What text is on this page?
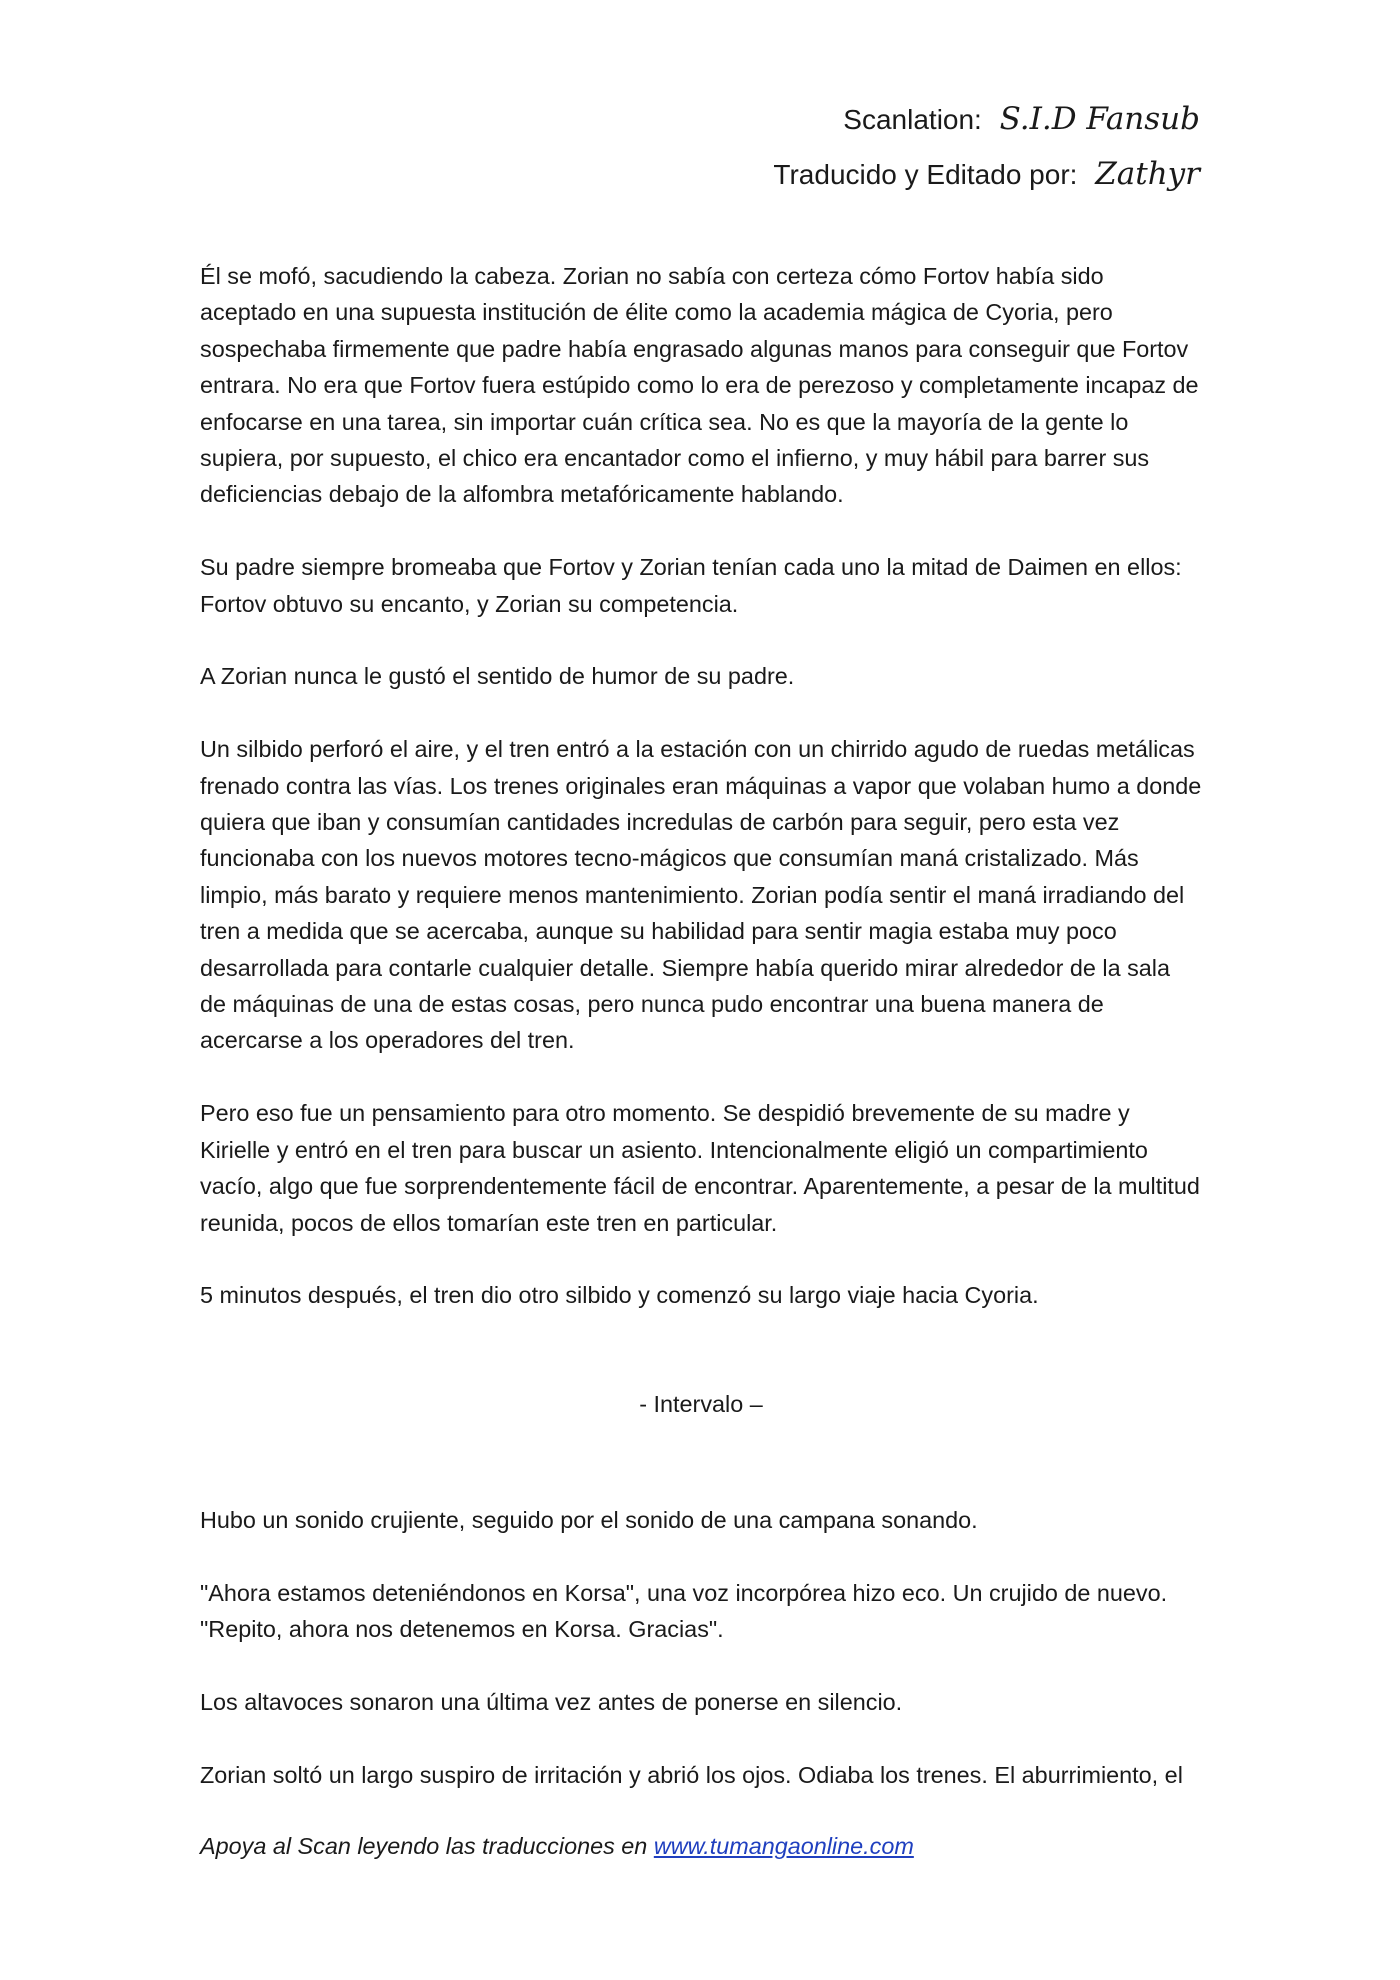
Scanlation: S.I.D Fansub
Traducido y Editado por: Zathyr

Él se mofó, sacudiendo la cabeza. Zorian no sabía con certeza cómo Fortov había sido aceptado en una supuesta institución de élite como la academia mágica de Cyoria, pero sospechaba firmemente que padre había engrasado algunas manos para conseguir que Fortov entrara. No era que Fortov fuera estúpido como lo era de perezoso y completamente incapaz de enfocarse en una tarea, sin importar cuán crítica sea. No es que la mayoría de la gente lo supiera, por supuesto, el chico era encantador como el infierno, y muy hábil para barrer sus deficiencias debajo de la alfombra metafóricamente hablando.

Su padre siempre bromeaba que Fortov y Zorian tenían cada uno la mitad de Daimen en ellos: Fortov obtuvo su encanto, y Zorian su competencia.

A Zorian nunca le gustó el sentido de humor de su padre.

Un silbido perforó el aire, y el tren entró a la estación con un chirrido agudo de ruedas metálicas frenado contra las vías. Los trenes originales eran máquinas a vapor que volaban humo a donde quiera que iban y consumían cantidades incredulas de carbón para seguir, pero esta vez funcionaba con los nuevos motores tecno-mágicos que consumían maná cristalizado. Más limpio, más barato y requiere menos mantenimiento. Zorian podía sentir el maná irradiando del tren a medida que se acercaba, aunque su habilidad para sentir magia estaba muy poco desarrollada para contarle cualquier detalle. Siempre había querido mirar alrededor de la sala de máquinas de una de estas cosas, pero nunca pudo encontrar una buena manera de acercarse a los operadores del tren.

Pero eso fue un pensamiento para otro momento. Se despidió brevemente de su madre y Kirielle y entró en el tren para buscar un asiento. Intencionalmente eligió un compartimiento vacío, algo que fue sorprendentemente fácil de encontrar. Aparentemente, a pesar de la multitud reunida, pocos de ellos tomarían este tren en particular.

5 minutos después, el tren dio otro silbido y comenzó su largo viaje hacia Cyoria.

- Intervalo –

Hubo un sonido crujiente, seguido por el sonido de una campana sonando.

"Ahora estamos deteniéndonos en Korsa", una voz incorpórea hizo eco. Un crujido de nuevo. "Repito, ahora nos detenemos en Korsa. Gracias".

Los altavoces sonaron una última vez antes de ponerse en silencio.

Zorian soltó un largo suspiro de irritación y abrió los ojos. Odiaba los trenes. El aburrimiento, el

Apoya al Scan leyendo las traducciones en www.tumangaonline.com
